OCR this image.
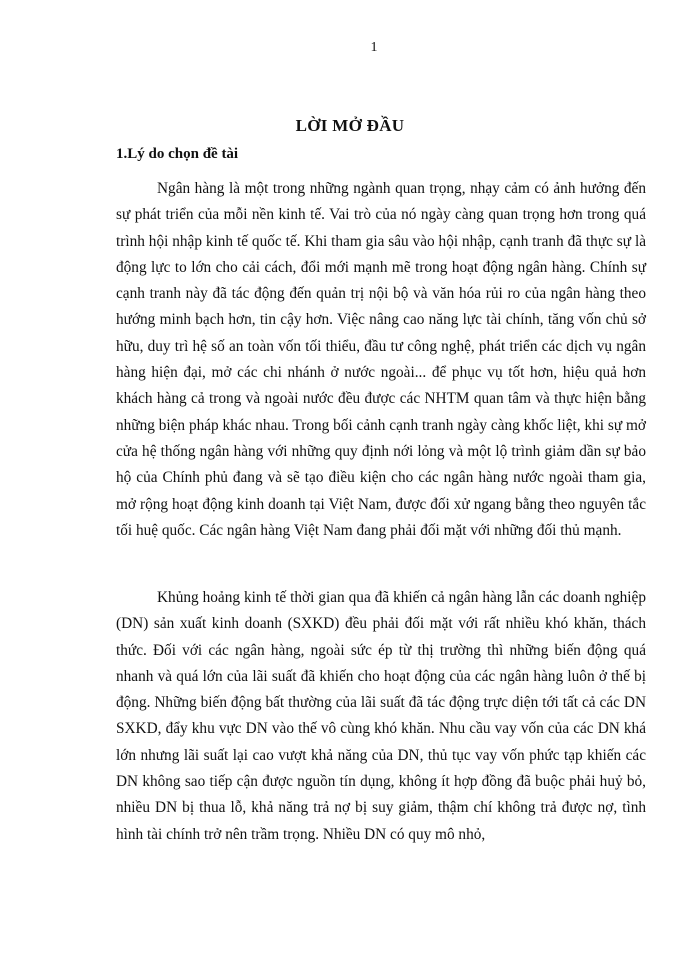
1
LỜI MỞ ĐẦU
1.Lý do chọn đề tài

Ngân hàng là một trong những ngành quan trọng, nhạy cảm có ảnh hưởng đến sự phát triển của mỗi nền kinh tế. Vai trò của nó ngày càng quan trọng hơn trong quá trình hội nhập kinh tế quốc tế. Khi tham gia sâu vào hội nhập, cạnh tranh đã thực sự là động lực to lớn cho cải cách, đổi mới mạnh mẽ trong hoạt động ngân hàng. Chính sự cạnh tranh này đã tác động đến quản trị nội bộ và văn hóa rủi ro của ngân hàng theo hướng minh bạch hơn, tin cậy hơn. Việc nâng cao năng lực tài chính, tăng vốn chủ sở hữu, duy trì hệ số an toàn vốn tối thiểu, đầu tư công nghệ, phát triển các dịch vụ ngân hàng hiện đại, mở các chi nhánh ở nước ngoài... để phục vụ tốt hơn, hiệu quả hơn khách hàng cả trong và ngoài nước đều được các NHTM quan tâm và thực hiện bằng những biện pháp khác nhau. Trong bối cảnh cạnh tranh ngày càng khốc liệt, khi sự mở cửa hệ thống ngân hàng với những quy định nới lỏng và một lộ trình giảm dần sự bảo hộ của Chính phủ đang và sẽ tạo điều kiện cho các ngân hàng nước ngoài tham gia, mở rộng hoạt động kinh doanh tại Việt Nam, được đối xử ngang bằng theo nguyên tắc tối huệ quốc. Các ngân hàng Việt Nam đang phải đối mặt với những đối thủ mạnh.

Khủng hoảng kinh tế thời gian qua đã khiến cả ngân hàng lẫn các doanh nghiệp (DN) sản xuất kinh doanh (SXKD) đều phải đối mặt với rất nhiều khó khăn, thách thức. Đối với các ngân hàng, ngoài sức ép từ thị trường thì những biến động quá nhanh và quá lớn của lãi suất đã khiến cho hoạt động của các ngân hàng luôn ở thế bị động. Những biến động bất thường của lãi suất đã tác động trực diện tới tất cả các DN SXKD, đẩy khu vực DN vào thế vô cùng khó khăn. Nhu cầu vay vốn của các DN khá lớn nhưng lãi suất lại cao vượt khả năng của DN, thủ tục vay vốn phức tạp khiến các DN không sao tiếp cận được nguồn tín dụng, không ít hợp đồng đã buộc phải huỷ bỏ, nhiều DN bị thua lỗ, khả năng trả nợ bị suy giảm, thậm chí không trả được nợ, tình hình tài chính trở nên trầm trọng. Nhiều DN có quy mô nhỏ,
